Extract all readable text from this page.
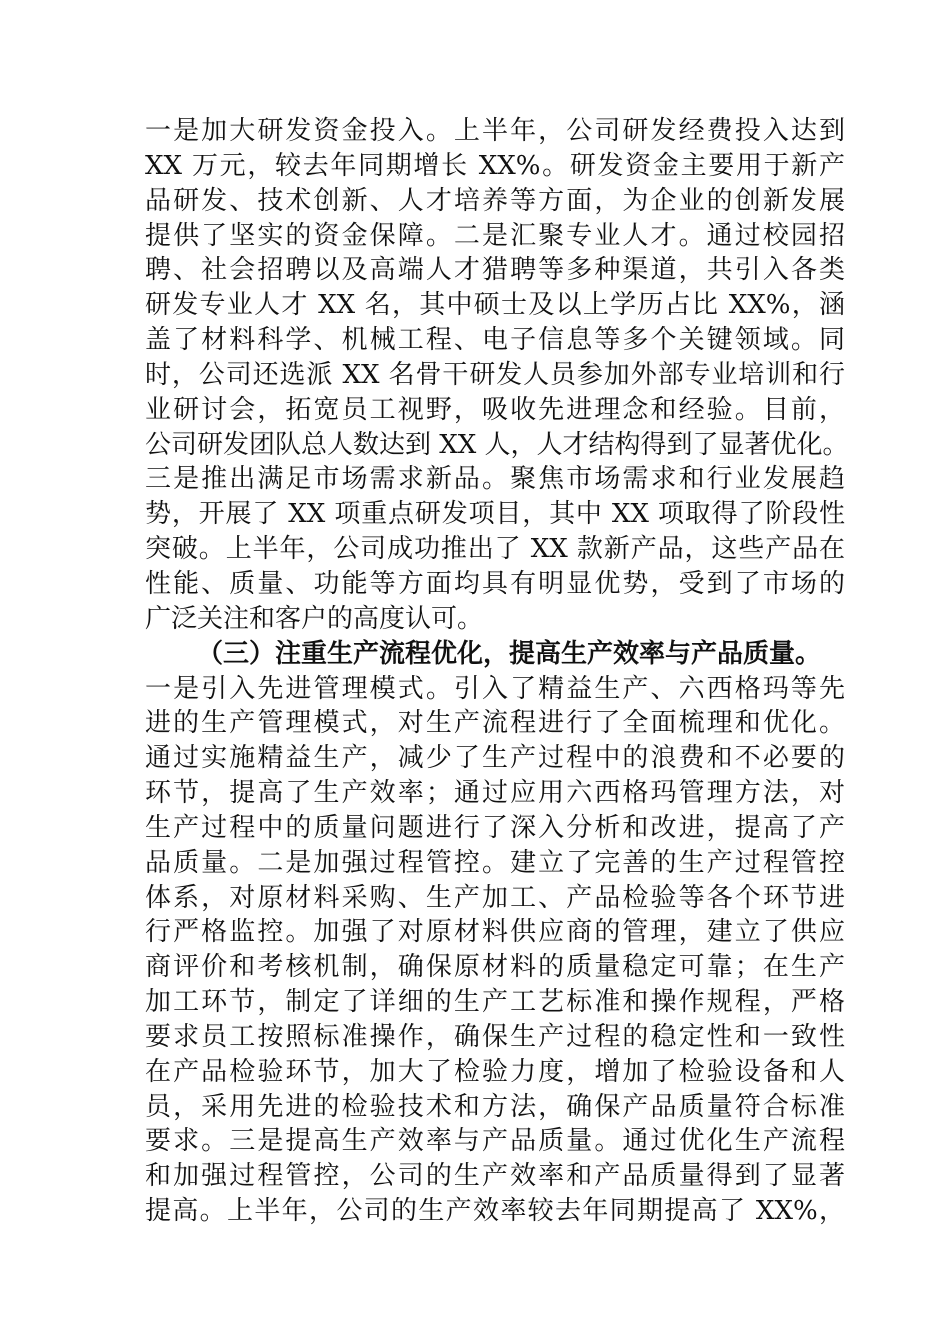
一是加大研发资金投入。上半年，公司研发经费投入达到
XX 万元，较去年同期增长 XX%。研发资金主要用于新产
品研发、技术创新、人才培养等方面，为企业的创新发展
提供了坚实的资金保障。二是汇聚专业人才。通过校园招
聘、社会招聘以及高端人才猎聘等多种渠道，共引入各类
研发专业人才 XX 名，其中硕士及以上学历占比 XX%，涵
盖了材料科学、机械工程、电子信息等多个关键领域。同
时，公司还选派 XX 名骨干研发人员参加外部专业培训和行
业研讨会，拓宽员工视野，吸收先进理念和经验。目前，
公司研发团队总人数达到 XX 人，人才结构得到了显著优化。
三是推出满足市场需求新品。聚焦市场需求和行业发展趋
势，开展了 XX 项重点研发项目，其中 XX 项取得了阶段性
突破。上半年，公司成功推出了 XX 款新产品，这些产品在
性能、质量、功能等方面均具有明显优势，受到了市场的
广泛关注和客户的高度认可。
（三）注重生产流程优化，提高生产效率与产品质量。
一是引入先进管理模式。引入了精益生产、六西格玛等先
进的生产管理模式，对生产流程进行了全面梳理和优化。
通过实施精益生产，减少了生产过程中的浪费和不必要的
环节，提高了生产效率；通过应用六西格玛管理方法，对
生产过程中的质量问题进行了深入分析和改进，提高了产
品质量。二是加强过程管控。建立了完善的生产过程管控
体系，对原材料采购、生产加工、产品检验等各个环节进
行严格监控。加强了对原材料供应商的管理，建立了供应
商评价和考核机制，确保原材料的质量稳定可靠；在生产
加工环节，制定了详细的生产工艺标准和操作规程，严格
要求员工按照标准操作，确保生产过程的稳定性和一致性
在产品检验环节，加大了检验力度，增加了检验设备和人
员，采用先进的检验技术和方法，确保产品质量符合标准
要求。三是提高生产效率与产品质量。通过优化生产流程
和加强过程管控，公司的生产效率和产品质量得到了显著
提高。上半年，公司的生产效率较去年同期提高了 XX%，
